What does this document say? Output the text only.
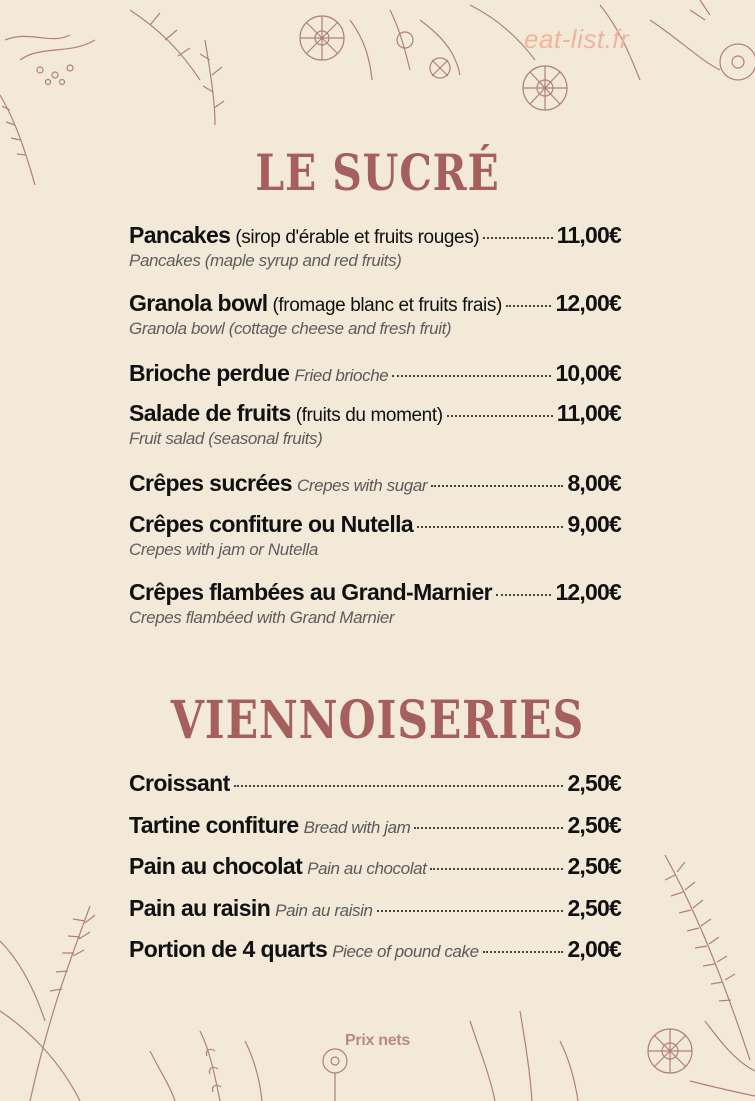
eat-list.fr
LE SUCRÉ
Pancakes (sirop d'érable et fruits rouges)	11,00€
Pancakes (maple syrup and red fruits)
Granola bowl (fromage blanc et fruits frais) 12,00€
Granola bowl (cottage cheese and fresh fruit)
Brioche perdue Fried brioche	10,00€
Salade de fruits (fruits du moment)	11,00€
Fruit salad (seasonal fruits)
Crêpes sucrées Crepes with sugar	8,00€
Crêpes confiture ou Nutella	9,00€
Crepes with jam or Nutella
Crêpes flambées au Grand-Marnier	12,00€
Crepes flambéed with Grand Marnier
VIENNOISERIES
Croissant	2,50€
Tartine confiture Bread with jam	2,50€
Pain au chocolat Pain au chocolat	2,50€
Pain au raisin Pain au raisin	2,50€
Portion de 4 quarts Piece of pound cake	2,00€
Prix nets
